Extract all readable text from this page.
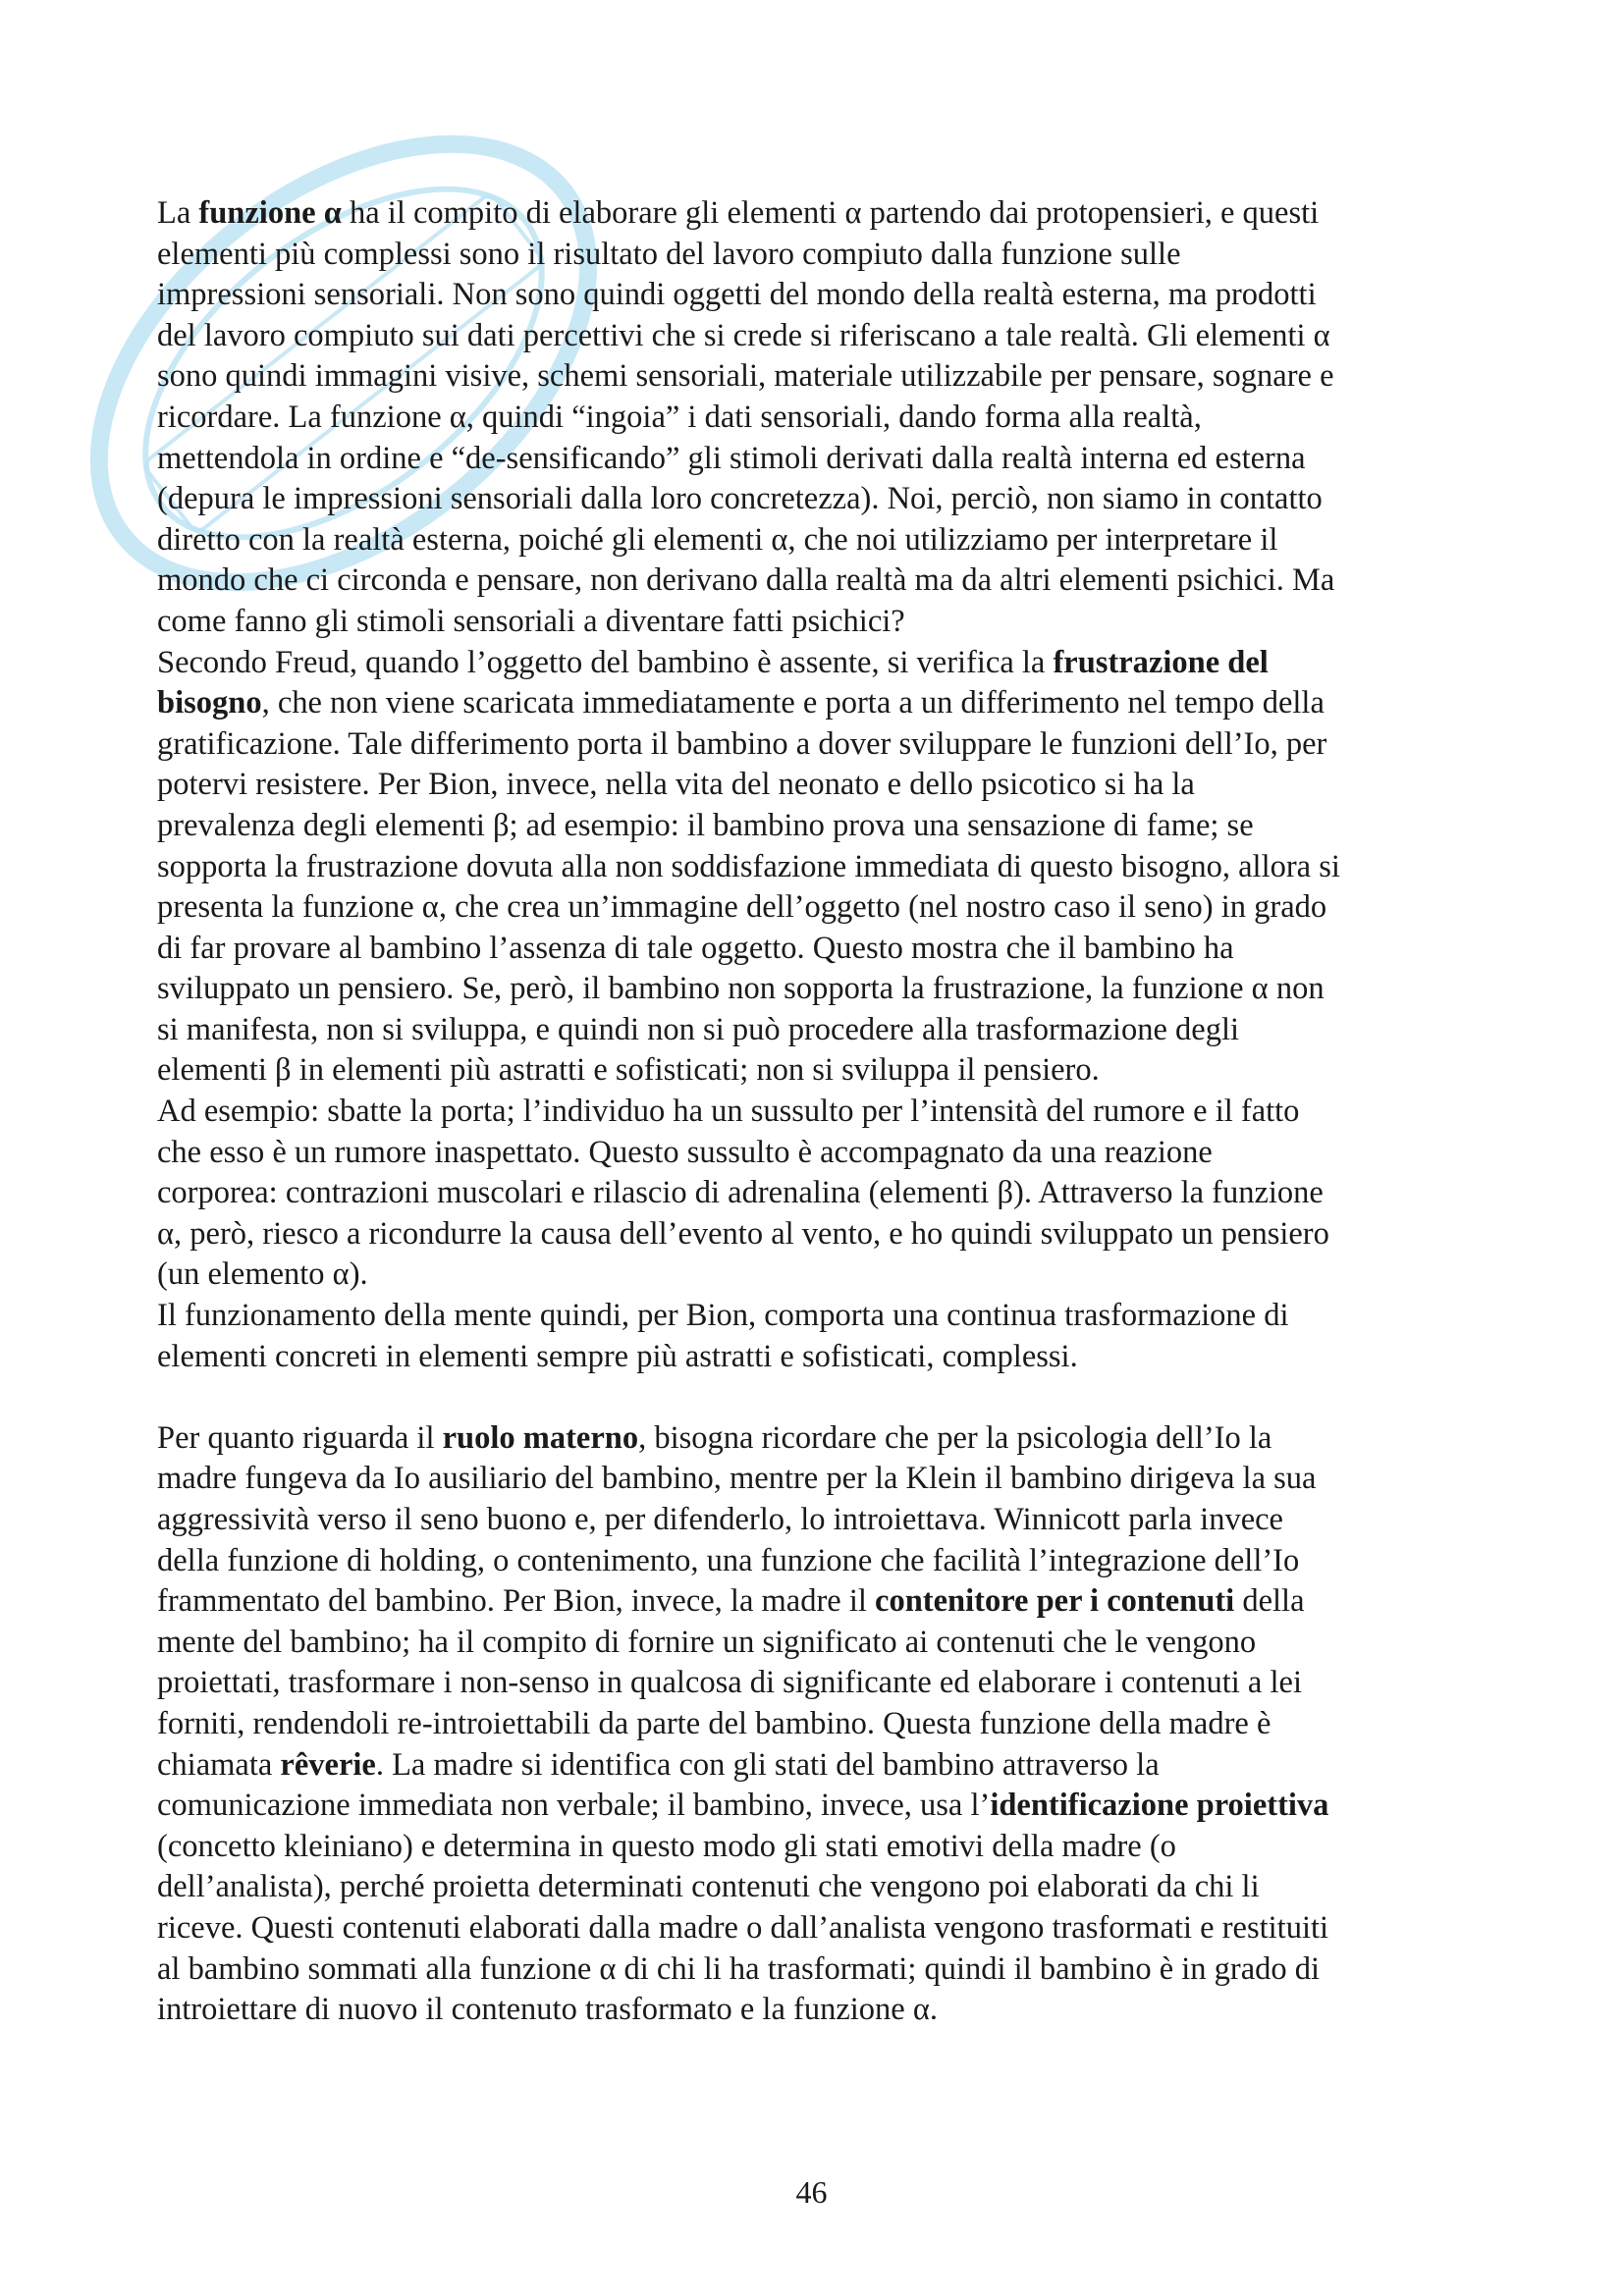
La funzione α ha il compito di elaborare gli elementi α partendo dai protopensieri, e questi
elementi più complessi sono il risultato del lavoro compiuto dalla funzione sulle
impressioni sensoriali. Non sono quindi oggetti del mondo della realtà esterna, ma prodotti
del lavoro compiuto sui dati percettivi che si crede si riferiscano a tale realtà. Gli elementi α
sono quindi immagini visive, schemi sensoriali, materiale utilizzabile per pensare, sognare e
ricordare. La funzione α, quindi “ingoia” i dati sensoriali, dando forma alla realtà,
mettendola in ordine e “de-sensificando” gli stimoli derivati dalla realtà interna ed esterna
(depura le impressioni sensoriali dalla loro concretezza). Noi, perciò, non siamo in contatto
diretto con la realtà esterna, poiché gli elementi α, che noi utilizziamo per interpretare il
mondo che ci circonda e pensare, non derivano dalla realtà ma da altri elementi psichici. Ma
come fanno gli stimoli sensoriali a diventare fatti psichici?

Secondo Freud, quando l’oggetto del bambino è assente, si verifica la frustrazione del
bisogno, che non viene scaricata immediatamente e porta a un differimento nel tempo della
gratificazione. Tale differimento porta il bambino a dover sviluppare le funzioni dell’Io, per
potervi resistere. Per Bion, invece, nella vita del neonato e dello psicotico si ha la
prevalenza degli elementi β; ad esempio: il bambino prova una sensazione di fame; se
sopporta la frustrazione dovuta alla non soddisfazione immediata di questo bisogno, allora si
presenta la funzione α, che crea un’immagine dell’oggetto (nel nostro caso il seno) in grado
di far provare al bambino l’assenza di tale oggetto. Questo mostra che il bambino ha
sviluppato un pensiero. Se, però, il bambino non sopporta la frustrazione, la funzione α non
si manifesta, non si sviluppa, e quindi non si può procedere alla trasformazione degli
elementi β in elementi più astratti e sofisticati; non si sviluppa il pensiero.

Ad esempio: sbatte la porta; l’individuo ha un sussulto per l’intensità del rumore e il fatto
che esso è un rumore inaspettato. Questo sussulto è accompagnato da una reazione
corporea: contrazioni muscolari e rilascio di adrenalina (elementi β). Attraverso la funzione
α, però, riesco a ricondurre la causa dell’evento al vento, e ho quindi sviluppato un pensiero
(un elemento α).

Il funzionamento della mente quindi, per Bion, comporta una continua trasformazione di
elementi concreti in elementi sempre più astratti e sofisticati, complessi.

Per quanto riguarda il ruolo materno, bisogna ricordare che per la psicologia dell’Io la
madre fungeva da Io ausiliario del bambino, mentre per la Klein il bambino dirigeva la sua
aggressività verso il seno buono e, per difenderlo, lo introiettava. Winnicott parla invece
della funzione di holding, o contenimento, una funzione che facilità l’integrazione dell’Io
frammentato del bambino. Per Bion, invece, la madre il contenitore per i contenuti della
mente del bambino; ha il compito di fornire un significato ai contenuti che le vengono
proiettati, trasformare i non-senso in qualcosa di significante ed elaborare i contenuti a lei
forniti, rendendoli re-introiettabili da parte del bambino. Questa funzione della madre è
chiamata rêverie. La madre si identifica con gli stati del bambino attraverso la
comunicazione immediata non verbale; il bambino, invece, usa l’identificazione proiettiva
(concetto kleiniano) e determina in questo modo gli stati emotivi della madre (o
dell’analista), perché proietta determinati contenuti che vengono poi elaborati da chi li
riceve. Questi contenuti elaborati dalla madre o dall’analista vengono trasformati e restituiti
al bambino sommati alla funzione α di chi li ha trasformati; quindi il bambino è in grado di
introiettare di nuovo il contenuto trasformato e la funzione α.

46
